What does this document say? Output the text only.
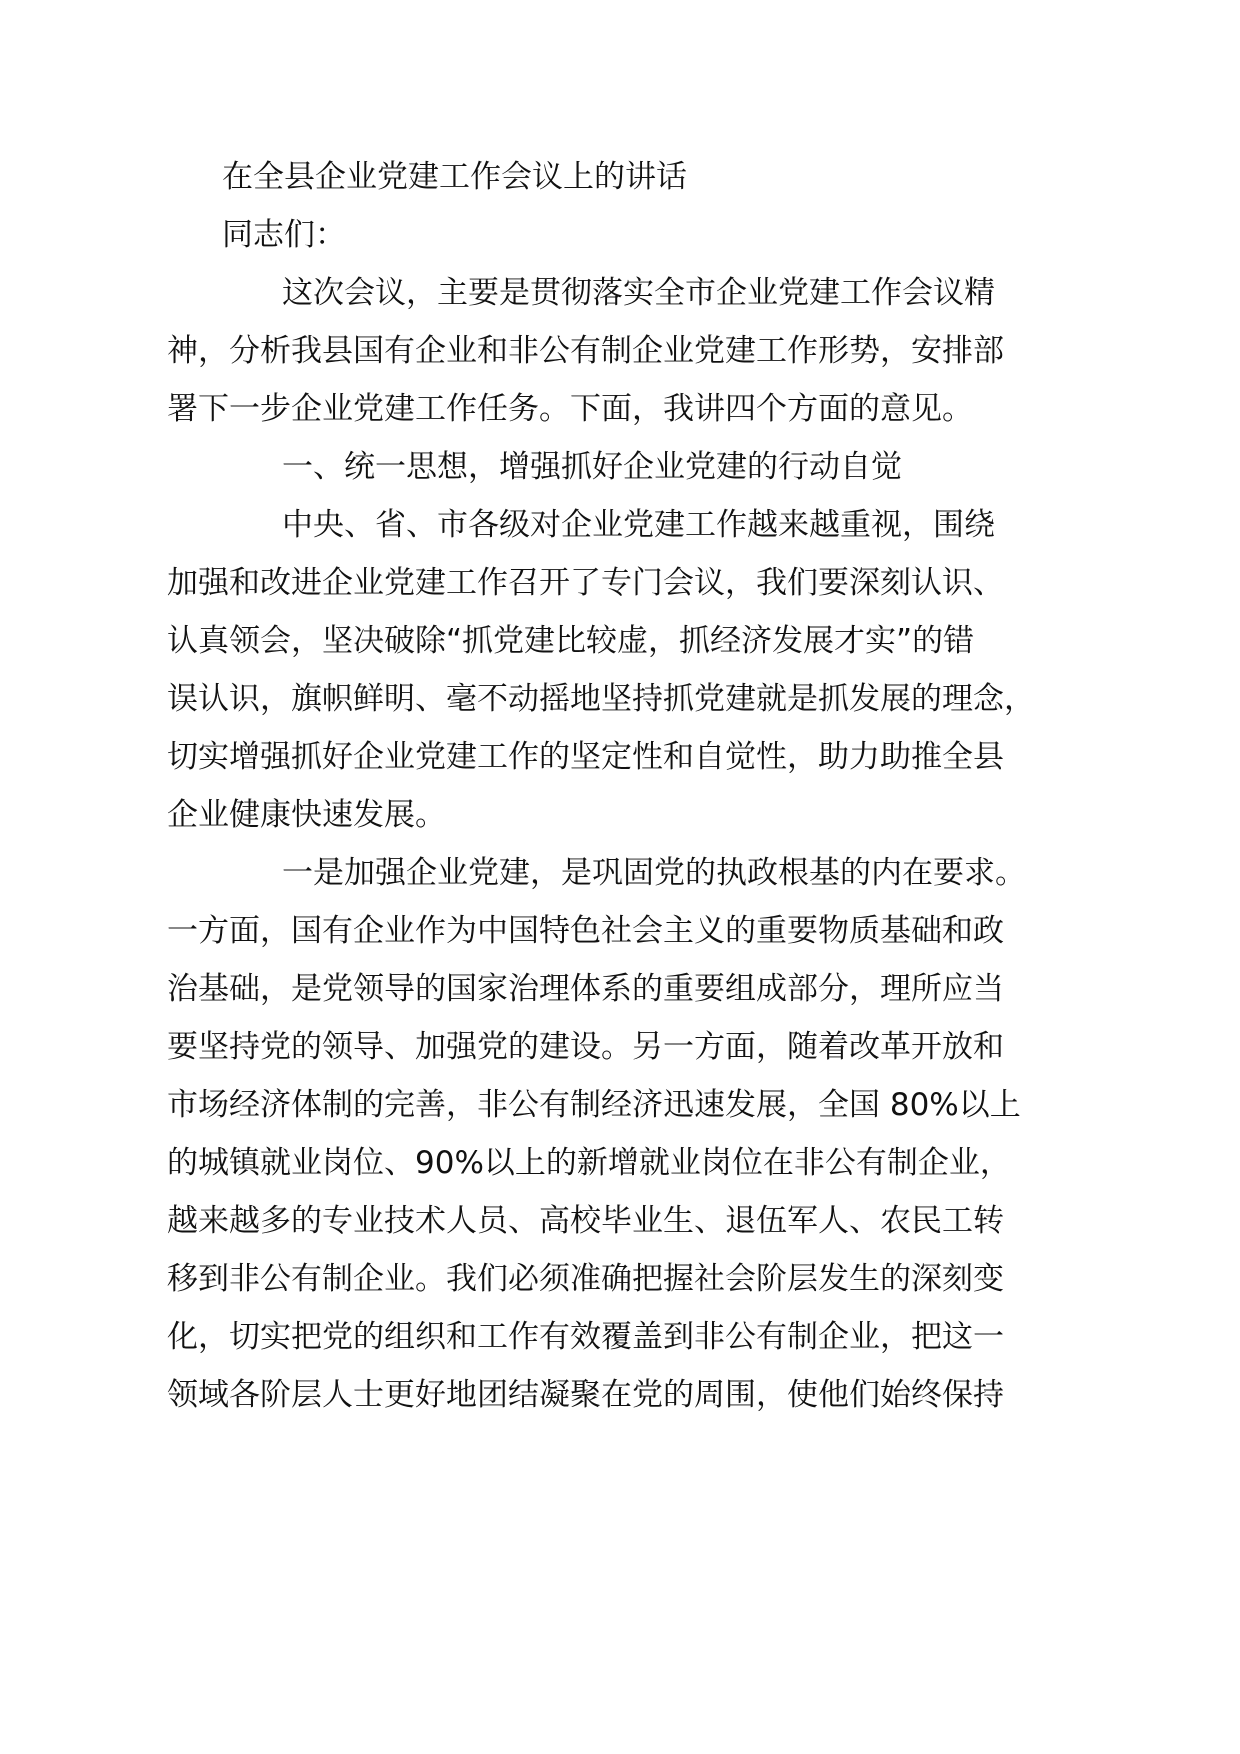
在全县企业党建工作会议上的讲话
同志们：
这次会议，主要是贯彻落实全市企业党建工作会议精
神，分析我县国有企业和非公有制企业党建工作形势，安排部
署下一步企业党建工作任务。下面，我讲四个方面的意见。
一、统一思想，增强抓好企业党建的行动自觉
中央、省、市各级对企业党建工作越来越重视，围绕
加强和改进企业党建工作召开了专门会议，我们要深刻认识、
认真领会，坚决破除“抓党建比较虚，抓经济发展才实”的错
误认识，旗帜鲜明、毫不动摇地坚持抓党建就是抓发展的理念，
切实增强抓好企业党建工作的坚定性和自觉性，助力助推全县
企业健康快速发展。
一是加强企业党建，是巩固党的执政根基的内在要求。
一方面，国有企业作为中国特色社会主义的重要物质基础和政
治基础，是党领导的国家治理体系的重要组成部分，理所应当
要坚持党的领导、加强党的建设。另一方面，随着改革开放和
市场经济体制的完善，非公有制经济迅速发展，全国 80%以上
的城镇就业岗位、90%以上的新增就业岗位在非公有制企业，
越来越多的专业技术人员、高校毕业生、退伍军人、农民工转
移到非公有制企业。我们必须准确把握社会阶层发生的深刻变
化，切实把党的组织和工作有效覆盖到非公有制企业，把这一
领域各阶层人士更好地团结凝聚在党的周围，使他们始终保持
